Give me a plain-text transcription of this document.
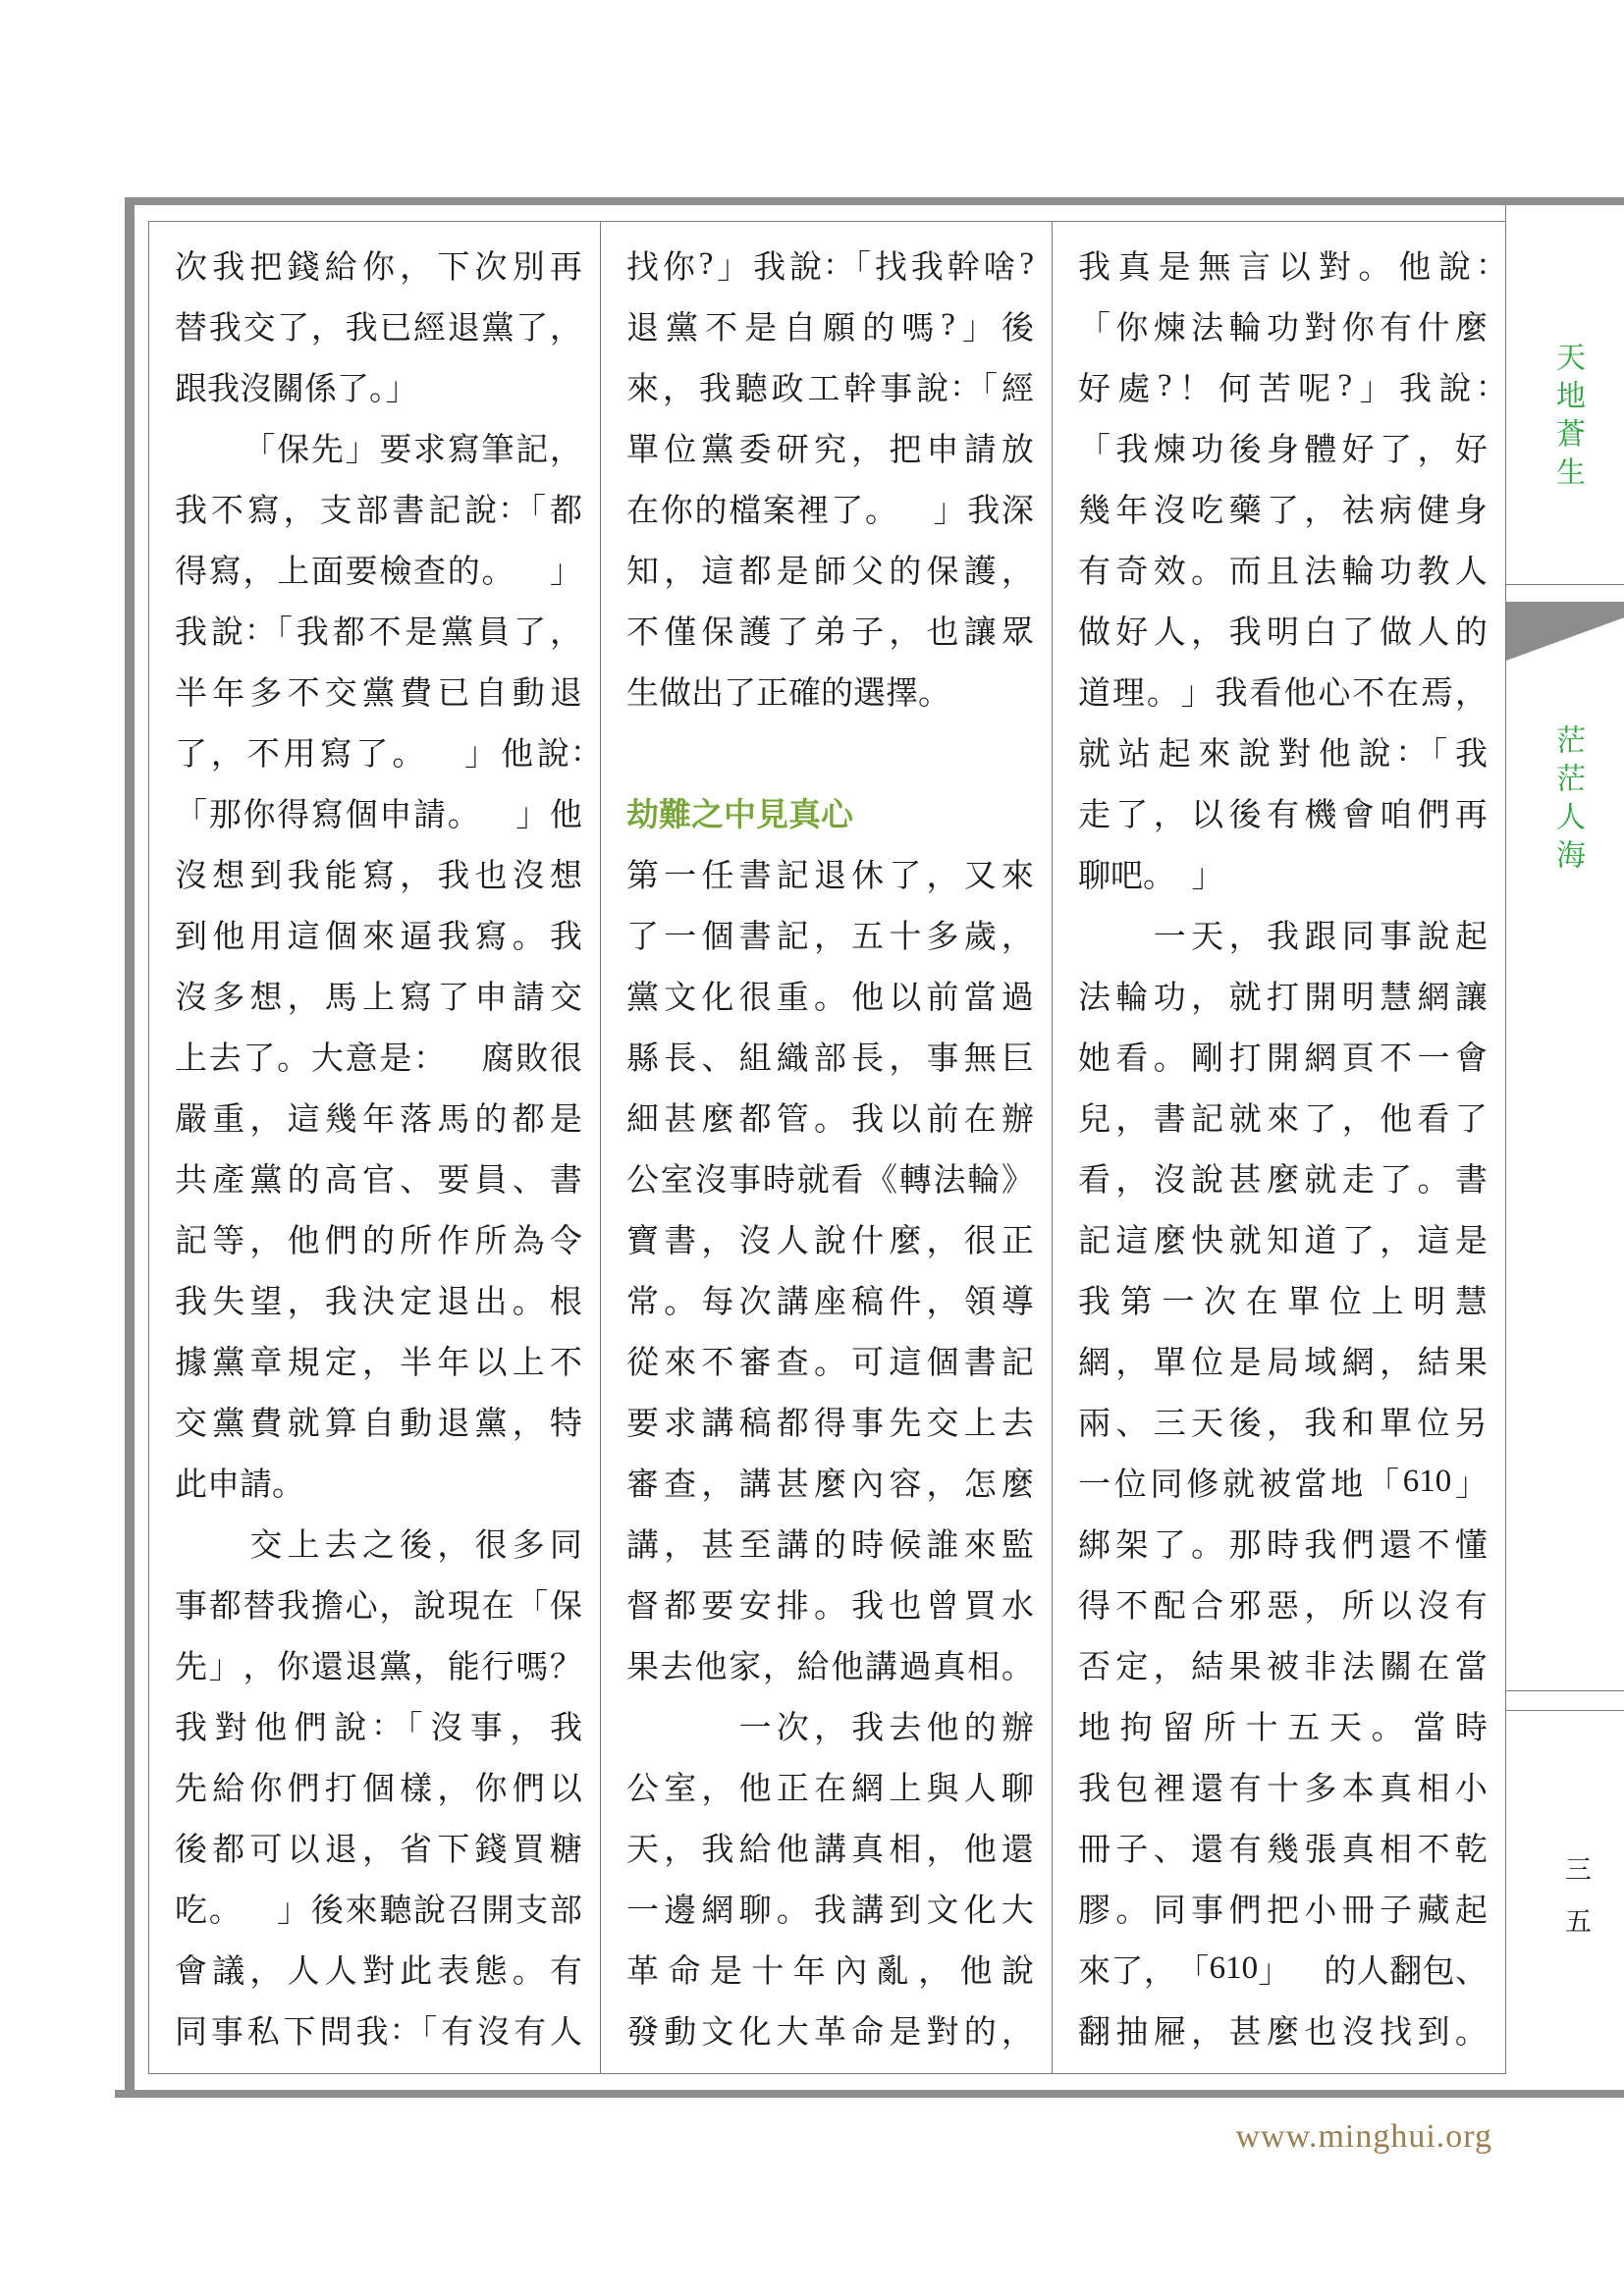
次 我 把 錢 給 你 ， 下 次 別 再
替 我 交 了 ， 我 已 經 退 黨 了 ，
跟我沒關係了。」

「 保 先 」 要 求 寫 筆 記 ，
我 不 寫 ， 支 部 書 記 說 : 「 都
得 寫 ， 上 面 要 檢 查 的 。
　 」
我 說 : 「 我 都 不 是 黨 員 了 ，
半 年 多 不 交 黨 費 已 自 動 退
了 ， 不 用 寫 了 。
　 」 他 說 :
「 那 你 得 寫 個 申 請 。
　 」 他
沒 想 到 我 能 寫 ， 我 也 沒 想
到 他 用 這 個 來 逼 我 寫 。 我
沒 多 想 ， 馬 上 寫 了 申 請 交
上 去 了 。 大 意 是 ：
　 腐 敗 很
嚴 重 ， 這 幾 年 落 馬 的 都 是
共 產 黨 的 高 官 、 要 員 、 書
記 等 ， 他 們 的 所 作 所 為 令
我 失 望 ， 我 決 定 退 出 。 根
據 黨 章 規 定 ， 半 年 以 上 不
交 黨 費 就 算 自 動 退 黨 ， 特
此申請。

交 上 去 之 後 ， 很 多 同
事 都 替 我 擔 心 ， 說 現 在 「 保
先 」 ， 你 還 退 黨 ， 能 行 嗎 ？
我 對 他 們 說 : 「 沒 事 ， 我
先 給 你 們 打 個 樣 ， 你 們 以
後 都 可 以 退 ， 省 下 錢 買 糖
吃 。
　 」 後 來 聽 說 召 開 支 部
會 議 ， 人 人 對 此 表 態 。 有
同 事 私 下 問 我 : 「 有 沒 有 人
找 你 ? 」 我 說 : 「 找 我 幹 啥 ?
退 黨 不 是 自 願 的 嗎 ? 」 後
來 ， 我 聽 政 工 幹 事 說 : 「 經
單 位 黨 委 研 究 ， 把 申 請 放
在 你 的 檔 案 裡 了 。
　 」 我 深
知 ， 這 都 是 師 父 的 保 護 ，
不 僅 保 護 了 弟 子 ， 也 讓 眾
生做出了正確的選擇。
劫難之中見真心
第 一 任 書 記 退 休 了 ， 又 來
了 一 個 書 記 ， 五 十 多 歲 ，
黨 文 化 很 重 。 他 以 前 當 過
縣 長 、 組 織 部 長 ， 事 無 巨
細 甚 麼 都 管 。 我 以 前 在 辦
公 室 沒 事 時 就 看 《 轉 法 輪 》
寶 書 ， 沒 人 說 什 麼 ， 很 正
常 。 每 次 講 座 稿 件 ， 領 導
從 來 不 審 查 。 可 這 個 書 記
要 求 講 稿 都 得 事 先 交 上 去
審 查 ， 講 甚 麼 內 容 ， 怎 麼
講 ， 甚 至 講 的 時 候 誰 來 監
督 都 要 安 排 。 我 也 曾 買 水
果 去 他 家 ， 給 他 講 過 真 相 。

一 次 ， 我 去 他 的 辦
公 室 ， 他 正 在 網 上 與 人 聊
天 ， 我 給 他 講 真 相 ， 他 還
一 邊 網 聊 。 我 講 到 文 化 大
革 命 是 十 年 內 亂 ， 他 說
發 動 文 化 大 革 命 是 對 的 ，
我 真 是 無 言 以 對 。 他 說 :
「 你 煉 法 輪 功 對 你 有 什 麼
好 處 ? ！ 何 苦 呢 ? 」 我 說 :
「 我 煉 功 後 身 體 好 了 ， 好
幾 年 沒 吃 藥 了 ， 祛 病 健 身
有 奇 效 。 而 且 法 輪 功 教 人
做 好 人 ， 我 明 白 了 做 人 的
道 理 。 」 我 看 他 心 不 在 焉 ，
就 站 起 來 說 對 他 說 : 「 我
走 了 ， 以 後 有 機 會 咱 們 再
聊吧。　」

一 天 ， 我 跟 同 事 說 起
法 輪 功 ， 就 打 開 明 慧 網 讓
她 看 。 剛 打 開 網 頁 不 一 會
兒 ， 書 記 就 來 了 ， 他 看 了
看 ， 沒 說 甚 麼 就 走 了 。 書
記 這 麼 快 就 知 道 了 ， 這 是
我 第 一 次 在 單 位 上 明 慧
網 ， 單 位 是 局 域 網 ， 結 果
兩 、 三 天 後 ， 我 和 單 位 另
一 位 同 修 就 被 當 地 「 610 」
綁 架 了 。 那 時 我 們 還 不 懂
得 不 配 合 邪 惡 ， 所 以 沒 有
否 定 ， 結 果 被 非 法 關 在 當
地 拘 留 所 十 五 天 。 當 時
我 包 裡 還 有 十 多 本 真 相 小
冊 子 、 還 有 幾 張 真 相 不 乾
膠 。 同 事 們 把 小 冊 子 藏 起
來 了 ， 「 610 」
　 的 人 翻 包 、
翻 抽 屜 ， 甚 麼 也 沒 找 到 。
天地蒼生
茫茫人海
三五
www.minghui.org
